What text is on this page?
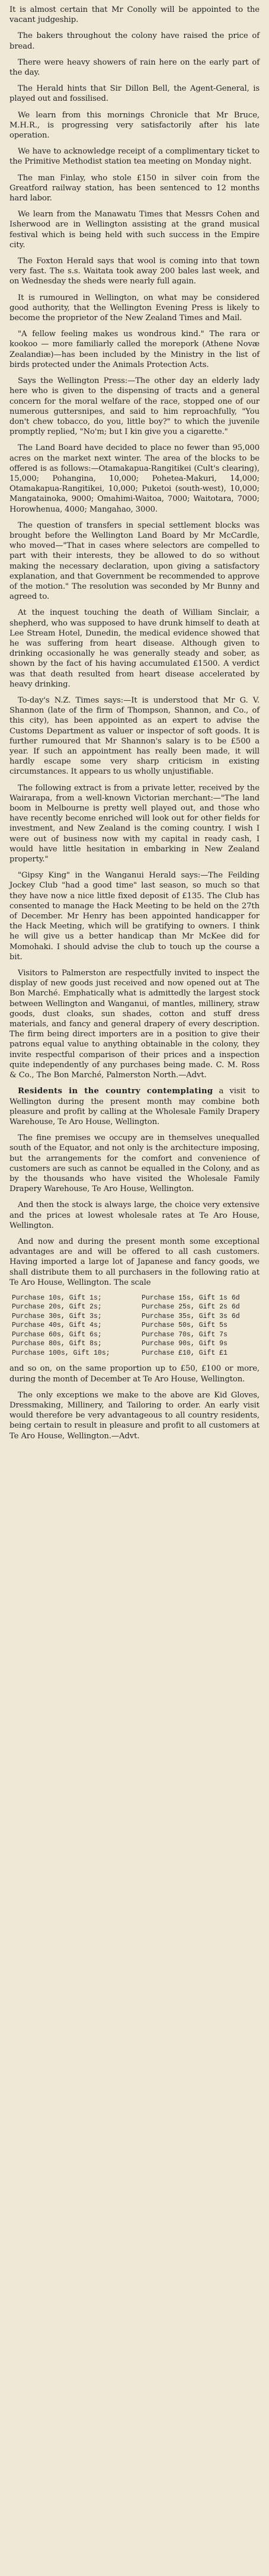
It is almost certain that Mr Conolly will be appointed to the vacant judgeship.

The bakers throughout the colony have raised the price of bread.

There were heavy showers of rain here on the early part of the day.

The Herald hints that Sir Dillon Bell, the Agent-General, is played out and fossilised.

We learn from this mornings Chronicle that Mr Bruce, M.H.R., is progressing very satisfactorily after his late operation.

We have to acknowledge receipt of a complimentary ticket to the Primitive Methodist station tea meeting on Monday night.

The man Finlay, who stole £150 in silver coin from the Greatford railway station, has been sentenced to 12 months hard labor.

We learn from the Manawatu Times that Messrs Cohen and Isherwood are in Wellington assisting at the grand musical festival which is being held with such success in the Empire city.

The Foxton Herald says that wool is coming into that town very fast. The s.s. Waitata took away 200 bales last week, and on Wednesday the sheds were nearly full again.

It is rumoured in Wellington, on what may be considered good authority, that the Wellington Evening Press is likely to become the proprietor of the New Zealand Times and Mail.

"A fellow feeling makes us wondrous kind." The rara or kookoo — more familiarly called the morepork (Athene Novæ Zealandiæ)—has been included by the Ministry in the list of birds protected under the Animals Protection Acts.

Says the Wellington Press:—The other day an elderly lady here who is given to the dispensing of tracts and a general concern for the moral welfare of the race, stopped one of our numerous guttersnipes, and said to him reproachfully, "You don't chew tobacco, do you, little boy?" to which the juvenile promptly replied, "No'm; but I kin give you a cigarette."

The Land Board have decided to place no fewer than 95,000 acres on the market next winter. The area of the blocks to be offered is as follows:—Otamakapua-Rangitikei (Cult's clearing), 15,000; Pohangina, 10,000; Pohetea-Makuri, 14,000; Otamakapua-Rangitikei, 10,000; Puketoi (south-west), 10,000; Mangatainoka, 9000; Omahimi-Waitoa, 7000; Waitotara, 7000; Horowhenua, 4000; Mangahao, 3000.

The question of transfers in special settlement blocks was brought before the Wellington Land Board by Mr McCardle, who moved—"That in cases where selectors are compelled to part with their interests, they be allowed to do so without making the necessary declaration, upon giving a satisfactory explanation, and that Government be recommended to approve of the motion." The resolution was seconded by Mr Bunny and agreed to.

At the inquest touching the death of William Sinclair, a shepherd, who was supposed to have drunk himself to death at Lee Stream Hotel, Dunedin, the medical evidence showed that he was suffering from heart disease. Although given to drinking occasionally he was generally steady and sober, as shown by the fact of his having accumulated £1500. A verdict was that death resulted from heart disease accelerated by heavy drinking.

To-day's N.Z. Times says:—It is understood that Mr G. V. Shannon (late of the firm of Thompson, Shannon, and Co., of this city), has been appointed as an expert to advise the Customs Department as valuer or inspector of soft goods. It is further rumoured that Mr Shannon's salary is to be £500 a year. If such an appointment has really been made, it will hardly escape some very sharp criticism in existing circumstances. It appears to us wholly unjustifiable.

The following extract is from a private letter, received by the Wairarapa, from a well-known Victorian merchant:—"The land boom in Melbourne is pretty well played out, and those who have recently become enriched will look out for other fields for investment, and New Zealand is the coming country. I wish I were out of business now with my capital in ready cash, I would have little hesitation in embarking in New Zealand property."

"Gipsy King" in the Wanganui Herald says:—The Feilding Jockey Club "had a good time" last season, so much so that they have now a nice little fixed deposit of £135. The Club has consented to manage the Hack Meeting to be held on the 27th of December. Mr Henry has been appointed handicapper for the Hack Meeting, which will be gratifying to owners. I think he will give us a better handicap than Mr McKee did for Momohaki. I should advise the club to touch up the course a bit.

Visitors to Palmerston are respectfully invited to inspect the display of new goods just received and now opened out at The Bon Marché. Emphatically what is admittedly the largest stock between Wellington and Wanganui, of mantles, millinery, straw goods, dust cloaks, sun shades, cotton and stuff dress materials, and fancy and general drapery of every description. The firm being direct importers are in a position to give their patrons equal value to anything obtainable in the colony, they invite respectful comparison of their prices and a inspection quite independently of any purchases being made. C. M. Ross & Co., The Bon Marché, Palmerston North.—Advt.

Residents in the country contemplating a visit to Wellington during the present month may combine both pleasure and profit by calling at the Wholesale Family Drapery Warehouse, Te Aro House, Wellington.

The fine premises we occupy are in themselves unequalled south of the Equator, and not only is the architecture imposing, but the arrangements for the comfort and convenience of customers are such as cannot be equalled in the Colony, and as by the thousands who have visited the Wholesale Family Drapery Warehouse, Te Aro House, Wellington.

And then the stock is always large, the choice very extensive and the prices at lowest wholesale rates at Te Aro House, Wellington.

And now and during the present month some exceptional advantages are and will be offered to all cash customers. Having imported a large lot of Japanese and fancy goods, we shall distribute them to all purchasers in the following ratio at Te Aro House, Wellington. The scale

Purchase 10s, Gift 1s;	Purchase 15s, Gift 1s 6d
Purchase 20s, Gift 2s;	Purchase 25s, Gift 2s 6d
Purchase 30s, Gift 3s;	Purchase 35s, Gift 3s 6d
Purchase 40s, Gift 4s;	Purchase 50s, Gift 5s
Purchase 60s, Gift 6s;	Purchase 70s, Gift 7s
Purchase 80s, Gift 8s;	Purchase 90s, Gift 9s
Purchase 100s, Gift 10s;	Purchase £10, Gift £1

and so on, on the same proportion up to £50, £100 or more, during the month of December at Te Aro House, Wellington.

The only exceptions we make to the above are Kid Gloves, Dressmaking, Millinery, and Tailoring to order. An early visit would therefore be very advantageous to all country residents, being certain to result in pleasure and profit to all customers at Te Aro House, Wellington.—Advt.
